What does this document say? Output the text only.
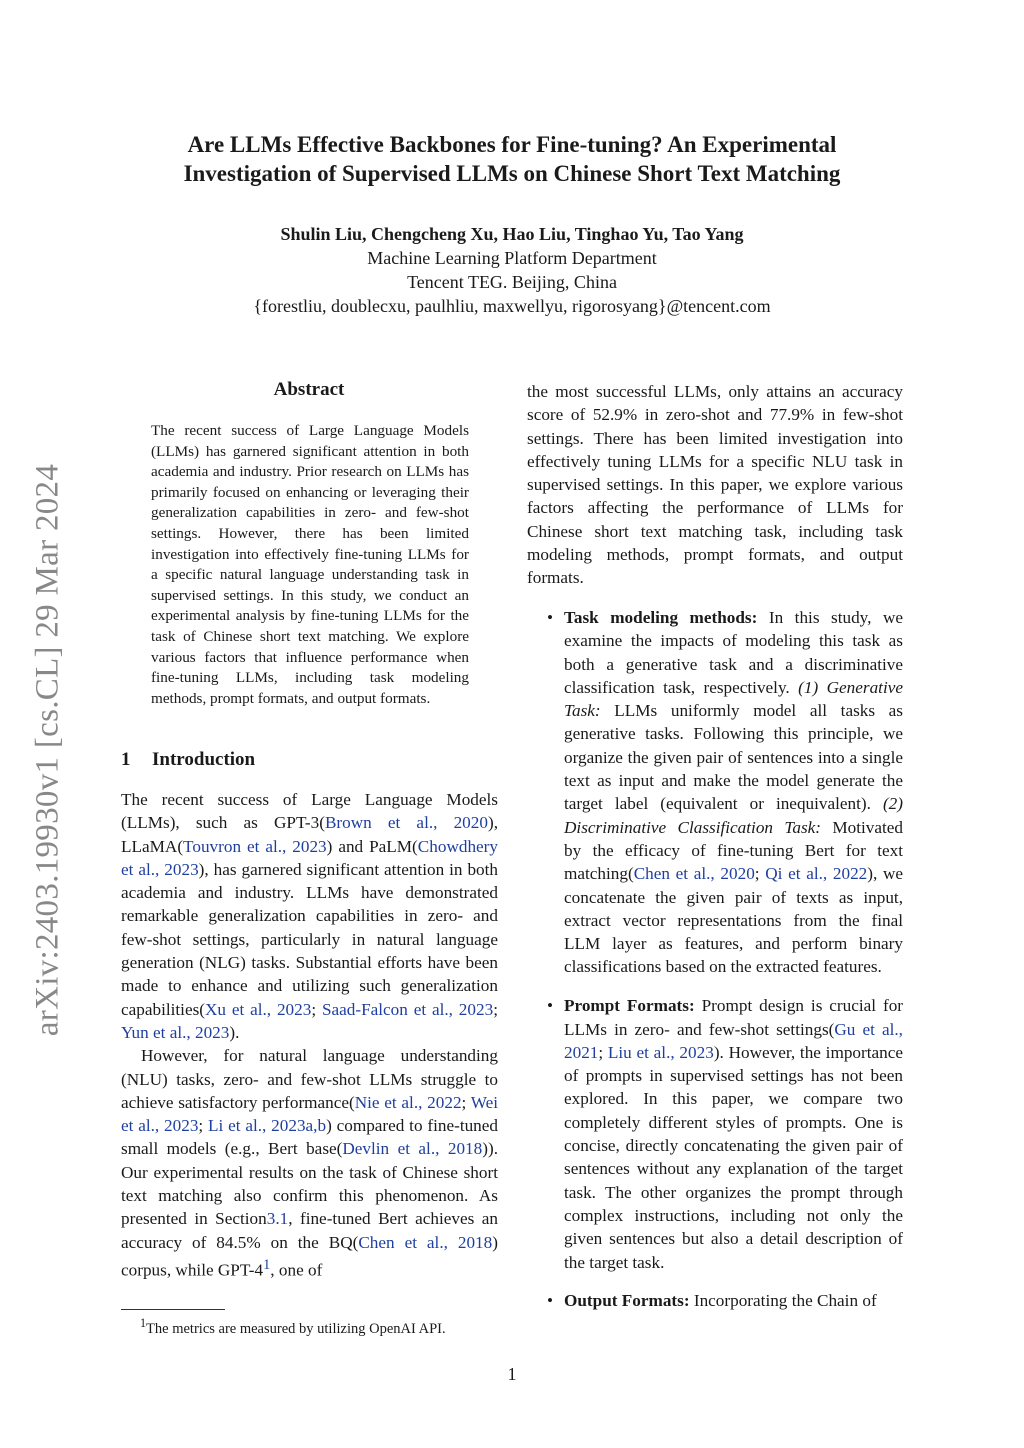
arXiv:2403.19930v1 [cs.CL] 29 Mar 2024
Are LLMs Effective Backbones for Fine-tuning? An Experimental
Investigation of Supervised LLMs on Chinese Short Text Matching
Shulin Liu, Chengcheng Xu, Hao Liu, Tinghao Yu, Tao Yang
Machine Learning Platform Department
Tencent TEG. Beijing, China
{forestliu, doublecxu, paulhliu, maxwellyu, rigorosyang}@tencent.com
Abstract
The recent success of Large Language Models (LLMs) has garnered significant attention in both academia and industry. Prior research on LLMs has primarily focused on enhancing or leveraging their generalization capabilities in zero- and few-shot settings. However, there has been limited investigation into effectively fine-tuning LLMs for a specific natural language understanding task in supervised settings. In this study, we conduct an experimental analysis by fine-tuning LLMs for the task of Chinese short text matching. We explore various factors that influence performance when fine-tuning LLMs, including task modeling methods, prompt formats, and output formats.
1 Introduction

The recent success of Large Language Models (LLMs), such as GPT-3(Brown et al., 2020), LLaMA(Touvron et al., 2023) and PaLM(Chowdhery et al., 2023), has garnered significant attention in both academia and industry. LLMs have demonstrated remarkable generalization capabilities in zero- and few-shot settings, particularly in natural language generation (NLG) tasks. Substantial efforts have been made to enhance and utilizing such generalization capabilities(Xu et al., 2023; Saad-Falcon et al., 2023; Yun et al., 2023).

However, for natural language understanding (NLU) tasks, zero- and few-shot LLMs struggle to achieve satisfactory performance(Nie et al., 2022; Wei et al., 2023; Li et al., 2023a,b) compared to fine-tuned small models (e.g., Bert base(Devlin et al., 2018)). Our experimental results on the task of Chinese short text matching also confirm this phenomenon. As presented in Section3.1, fine-tuned Bert achieves an accuracy of 84.5% on the BQ(Chen et al., 2018) corpus, while GPT-$4^1$, one of

$^1$The metrics are measured by utilizing OpenAI API.
the most successful LLMs, only attains an accuracy score of 52.9% in zero-shot and 77.9% in few-shot settings. There has been limited investigation into effectively tuning LLMs for a specific NLU task in supervised settings. In this paper, we explore various factors affecting the performance of LLMs for Chinese short text matching task, including task modeling methods, prompt formats, and output formats.
• Task modeling methods: In this study, we examine the impacts of modeling this task as both a generative task and a discriminative classification task, respectively. (1) Generative Task: LLMs uniformly model all tasks as generative tasks. Following this principle, we organize the given pair of sentences into a single text as input and make the model generate the target label (equivalent or inequivalent). (2) Discriminative Classification Task: Motivated by the efficacy of fine-tuning Bert for text matching(Chen et al., 2020; Qi et al., 2022), we concatenate the given pair of texts as input, extract vector representations from the final LLM layer as features, and perform binary classifications based on the extracted features.
• Prompt Formats: Prompt design is crucial for LLMs in zero- and few-shot settings(Gu et al., 2021; Liu et al., 2023). However, the importance of prompts in supervised settings has not been explored. In this paper, we compare two completely different styles of prompts. One is concise, directly concatenating the given pair of sentences without any explanation of the target task. The other organizes the prompt through complex instructions, including not only the given sentences but also a detail description of the target task.
• Output Formats: Incorporating the Chain of
1
